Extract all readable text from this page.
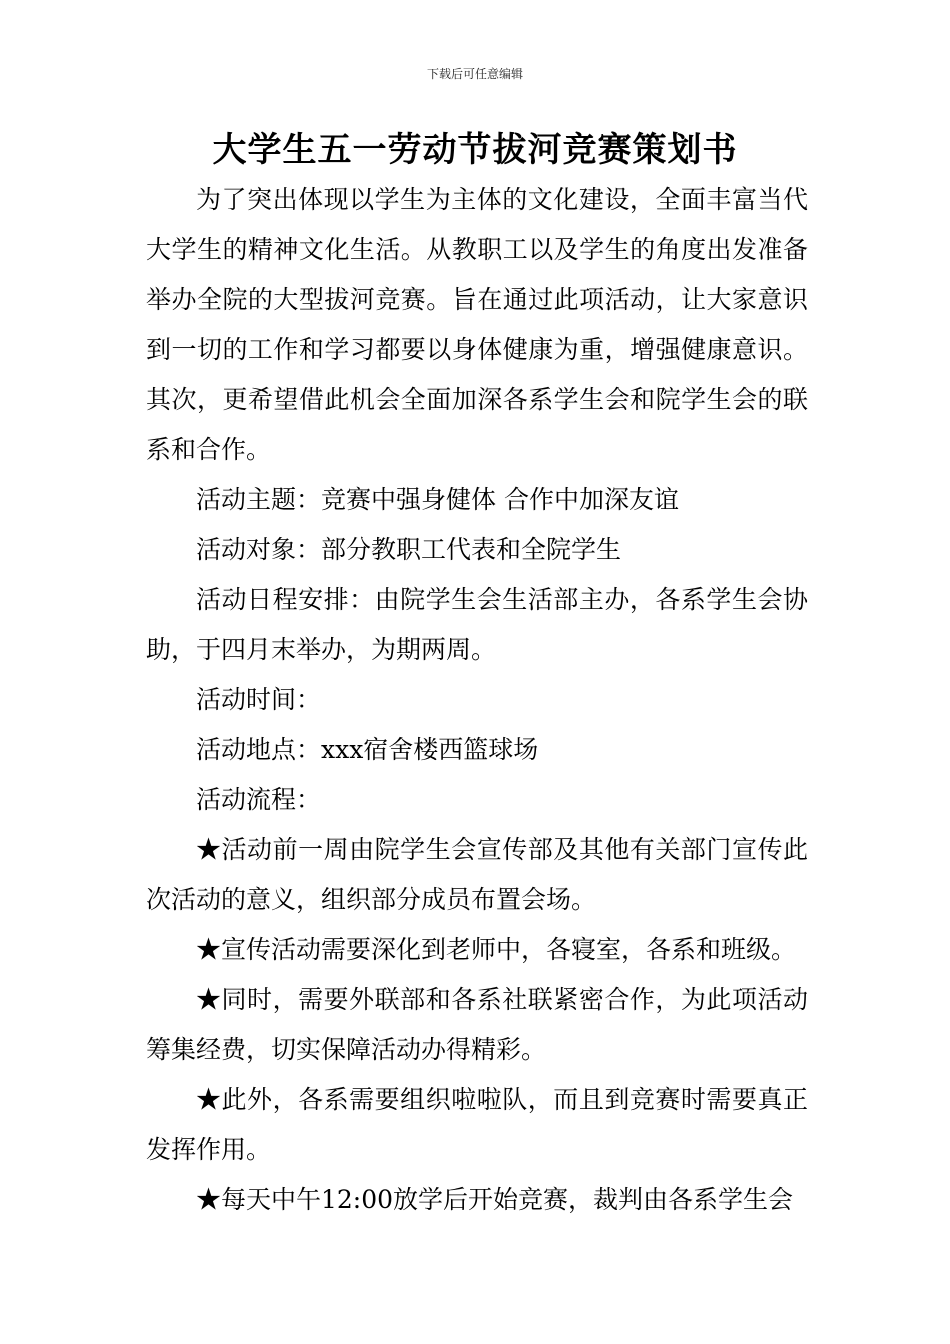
下载后可任意编辑
大学生五一劳动节拔河竞赛策划书

为了突出体现以学生为主体的文化建设，全面丰富当代大学生的精神文化生活。从教职工以及学生的角度出发准备举办全院的大型拔河竞赛。旨在通过此项活动，让大家意识到一切的工作和学习都要以身体健康为重，增强健康意识。其次，更希望借此机会全面加深各系学生会和院学生会的联系和合作。

活动主题：竞赛中强身健体 合作中加深友谊

活动对象：部分教职工代表和全院学生

活动日程安排：由院学生会生活部主办，各系学生会协助，于四月末举办，为期两周。

活动时间：

活动地点：xxx宿舍楼西篮球场

活动流程：

★活动前一周由院学生会宣传部及其他有关部门宣传此次活动的意义，组织部分成员布置会场。

★宣传活动需要深化到老师中，各寝室，各系和班级。

★同时，需要外联部和各系社联紧密合作，为此项活动筹集经费，切实保障活动办得精彩。

★此外，各系需要组织啦啦队，而且到竞赛时需要真正发挥作用。

★每天中午12:00放学后开始竞赛，裁判由各系学生会
